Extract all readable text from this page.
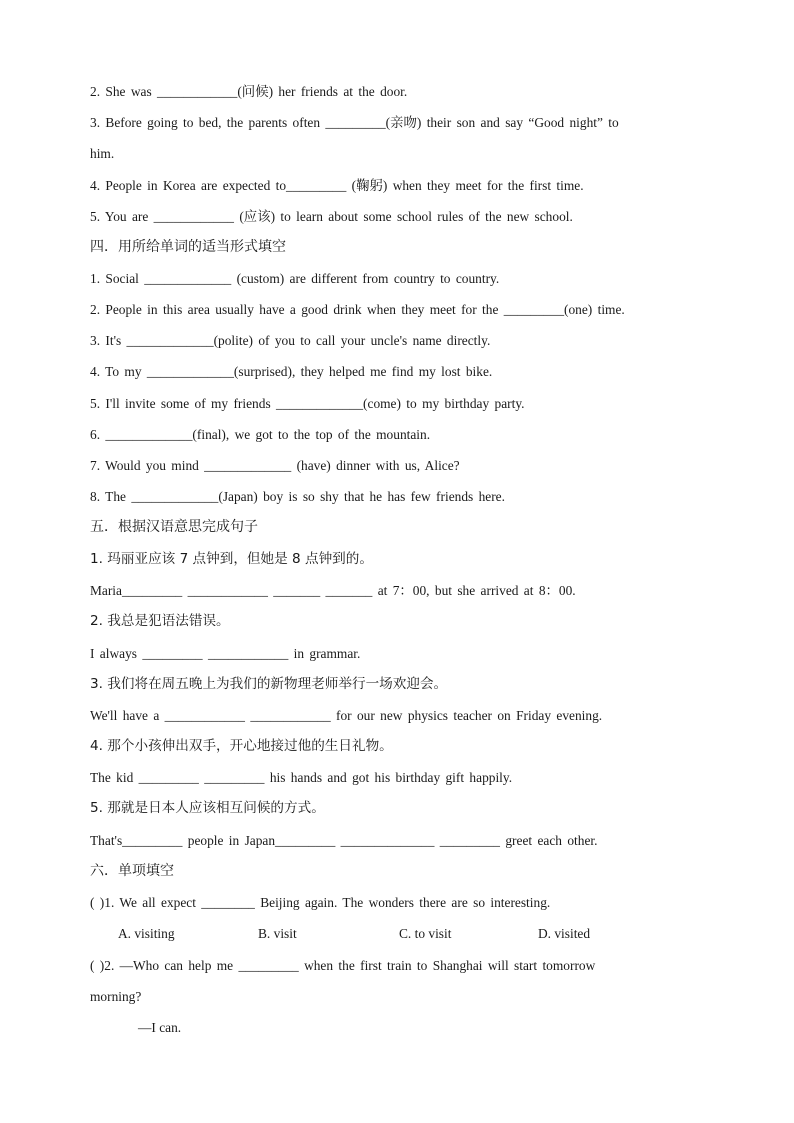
2. She was ____________(问候) her friends at the door.
3. Before going to bed, the parents often _________(亲吻) their son and say “Good night” to
him.
4. People in Korea are expected to_________ (鞠躬) when they meet for the first time.
5. You are ____________ (应该) to learn about some school rules of the new school.
四．用所给单词的适当形式填空
1. Social _____________ (custom) are different from country to country.
2. People in this area usually have a good drink when they meet for the _________(one) time.
3. It's _____________(polite) of you to call your uncle's name directly.
4. To my _____________(surprised), they helped me find my lost bike.
5. I'll invite some of my friends _____________(come) to my birthday party.
6. _____________(final), we got to the top of the mountain.
7. Would you mind _____________ (have) dinner with us, Alice?
8. The _____________(Japan) boy is so shy that he has few friends here.
五．根据汉语意思完成句子
1. 玛丽亚应该 7 点钟到，但她是 8 点钟到的。
Maria_________ ____________ _______ _______ at 7：00, but she arrived at 8：00.
2. 我总是犯语法错误。
I always _________ ____________ in grammar.
3. 我们将在周五晚上为我们的新物理老师举行一场欢迎会。
We'll have a ____________ ____________ for our new physics teacher on Friday evening.
4. 那个小孩伸出双手，开心地接过他的生日礼物。
The kid _________ _________ his hands and got his birthday gift happily.
5. 那就是日本人应该相互问候的方式。
That's_________ people in Japan_________ ______________ _________ greet each other.
六．单项填空
( )1. We all expect ________ Beijing again. The wonders there are so interesting.
A. visiting	B. visit	C. to visit	D. visited
( )2. —Who can help me _________ when the first train to Shanghai will start tomorrow
morning?
—I can.
